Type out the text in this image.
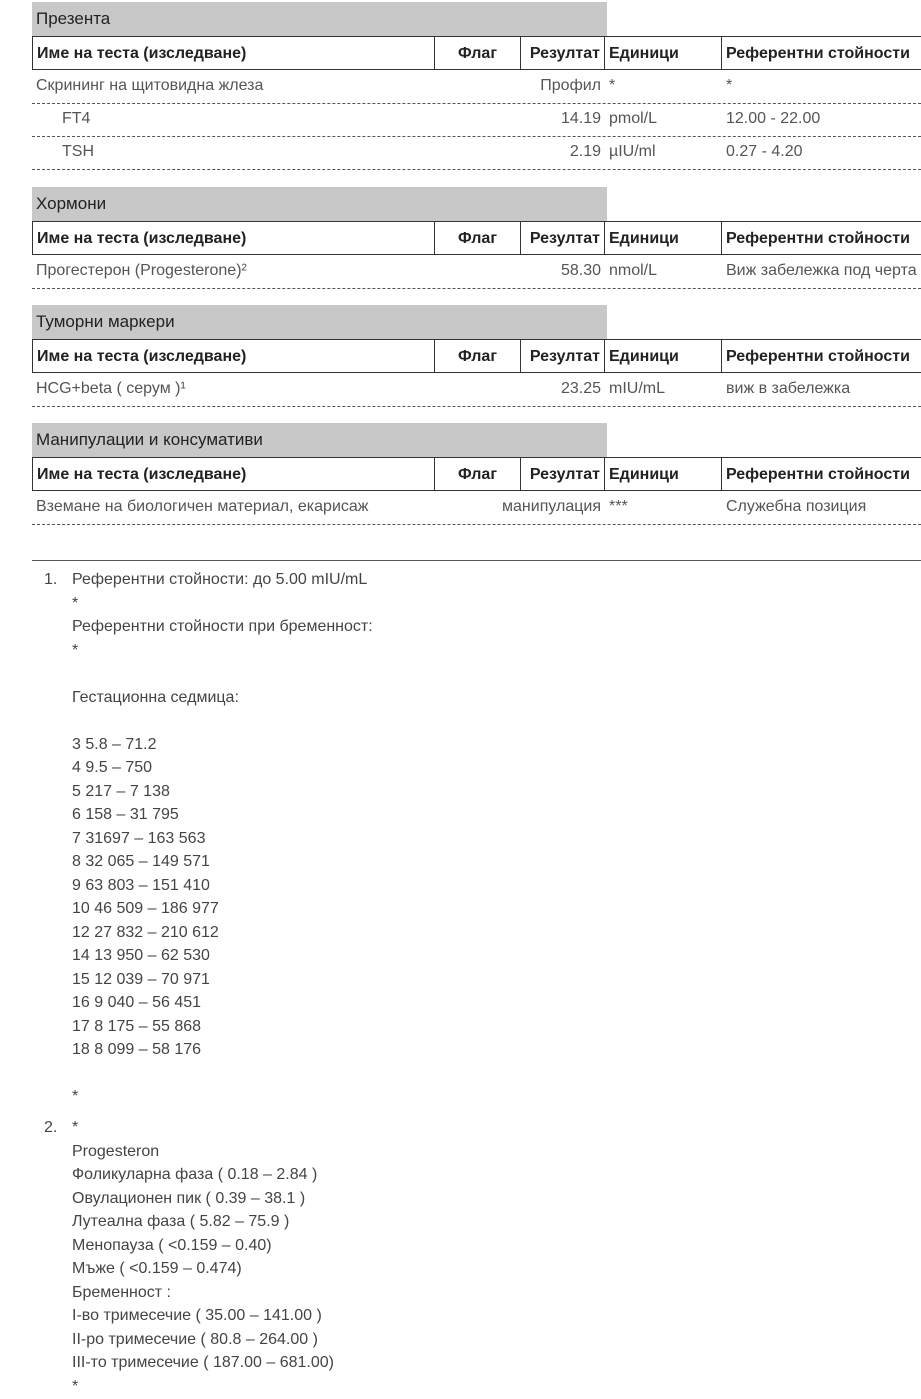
Презента
Име на теста (изследване)	Флаг	Резултат Единици	Референтни стойности
Скрининг на щитовидна жлеза	Профил *	*
FT4	14.19 pmol/L	12.00 - 22.00
TSH	2.19 µIU/ml	0.27 - 4.20
Хормони
Име на теста (изследване)	Флаг	Резултат Единици	Референтни стойности
Прогестерон (Progesterone)²	58.30 nmol/L	Виж забележка под черта
Туморни маркери
Име на теста (изследване)	Флаг	Резултат Единици	Референтни стойности
HCG+beta ( серум )¹	23.25 mIU/mL	виж в забележка
Манипулации и консумативи
Име на теста (изследване)	Флаг	Резултат Единици	Референтни стойности
Вземане на биологичен материал, екарисаж	манипулация ***	Служебна позиция
1. Референтни стойности: до 5.00 mIU/mL
*
Референтни стойности при бременност:
*
Гестационна седмица:
3 5.8 – 71.2
4 9.5 – 750
5 217 – 7 138
6 158 – 31 795
7 31697 – 163 563
8 32 065 – 149 571
9 63 803 – 151 410
10 46 509 – 186 977
12 27 832 – 210 612
14 13 950 – 62 530
15 12 039 – 70 971
16 9 040 – 56 451
17 8 175 – 55 868
18 8 099 – 58 176
*
2. *
Progesteron
Фоликуларна фаза ( 0.18 – 2.84 )
Овулационен пик ( 0.39 – 38.1 )
Лутеална фаза ( 5.82 – 75.9 )
Менопауза ( <0.159 – 0.40)
Мъже ( <0.159 – 0.474)
Бременност :
I-во тримесечие ( 35.00 – 141.00 )
II-ро тримесечие ( 80.8 – 264.00 )
III-то тримесечие ( 187.00 – 681.00)
*
